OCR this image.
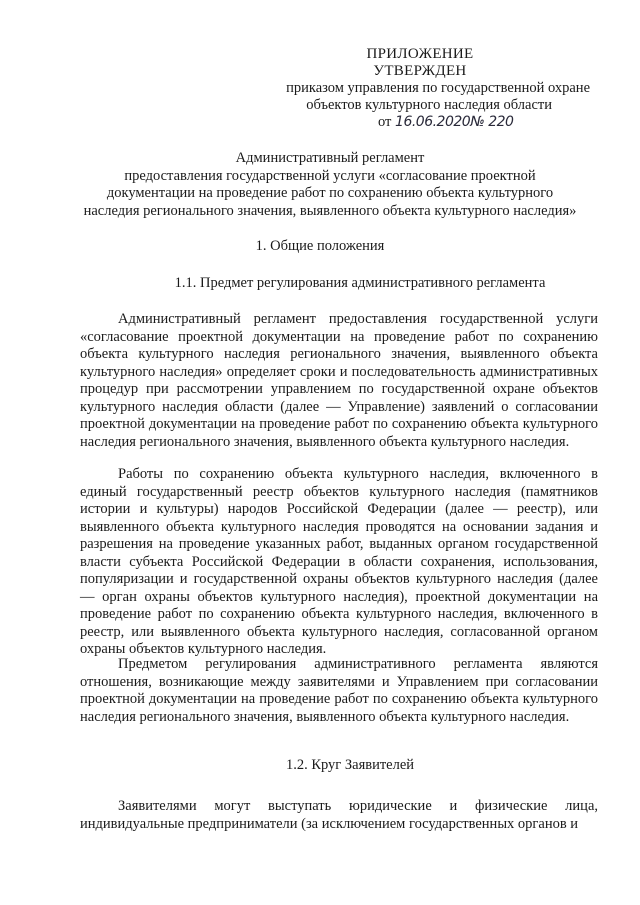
ПРИЛОЖЕНИЕ
УТВЕРЖДЕН
приказом управления по государственной охране
объектов культурного наследия области
от 16.06.2020№ 220
Административный регламент
предоставления государственной услуги «согласование проектной
документации на проведение работ по сохранению объекта культурного
наследия регионального значения, выявленного объекта культурного наследия»
1. Общие положения
1.1. Предмет регулирования административного регламента

Административный регламент предоставления государственной услуги «согласование проектной документации на проведение работ по сохранению объекта культурного наследия регионального значения, выявленного объекта культурного наследия» определяет сроки и последовательность административных процедур при рассмотрении управлением по государственной охране объектов культурного наследия области (далее — Управление) заявлений о согласовании проектной документации на проведение работ по сохранению объекта культурного наследия регионального значения, выявленного объекта культурного наследия.

Работы по сохранению объекта культурного наследия, включенного в единый государственный реестр объектов культурного наследия (памятников истории и культуры) народов Российской Федерации (далее — реестр), или выявленного объекта культурного наследия проводятся на основании задания и разрешения на проведение указанных работ, выданных органом государственной власти субъекта Российской Федерации в области сохранения, использования, популяризации и государственной охраны объектов культурного наследия (далее — орган охраны объектов культурного наследия), проектной документации на проведение работ по сохранению объекта культурного наследия, включенного в реестр, или выявленного объекта культурного наследия, согласованной органом охраны объектов культурного наследия.

Предметом регулирования административного регламента являются отношения, возникающие между заявителями и Управлением при согласовании проектной документации на проведение работ по сохранению объекта культурного наследия регионального значения, выявленного объекта культурного наследия.

1.2. Круг Заявителей

Заявителями могут выступать юридические и физические лица, индивидуальные предприниматели (за исключением государственных органов и
